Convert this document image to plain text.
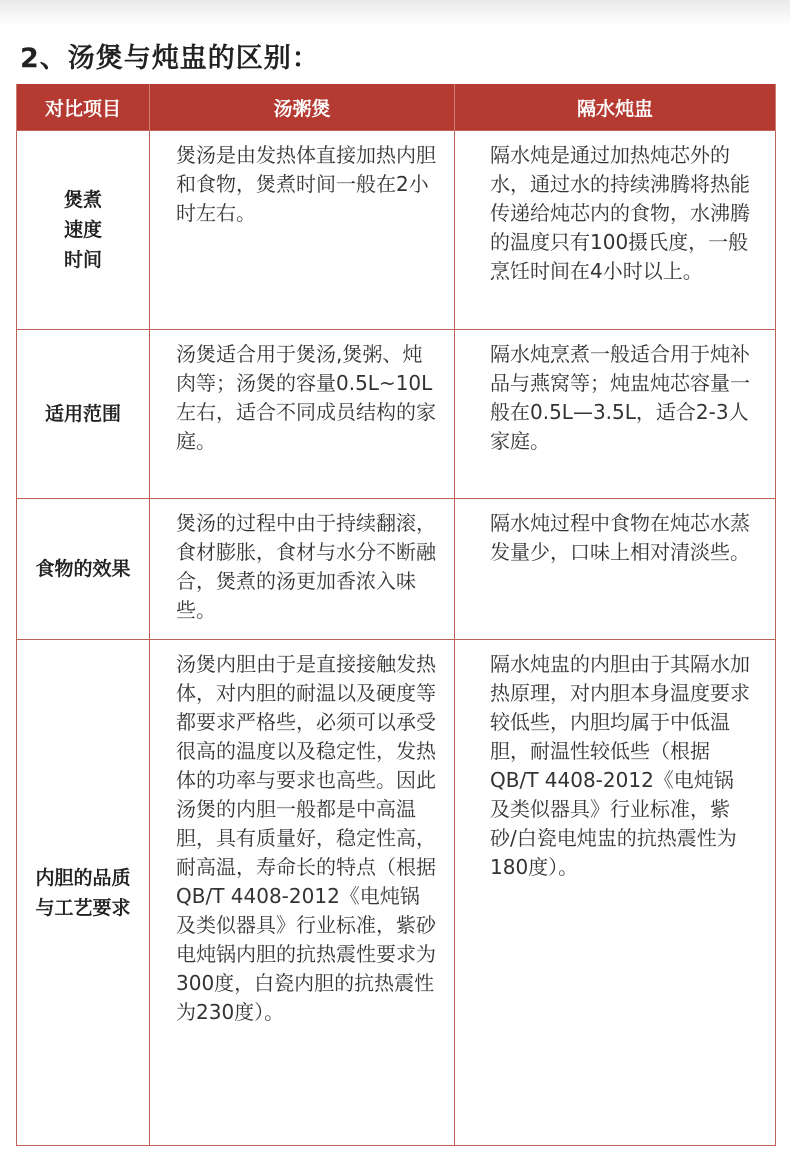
2、汤煲与炖盅的区别：
对比项目	汤粥煲	隔水炖盅

煲煮
速度
时间	煲汤是由发热体直接加热内胆和食物，煲煮时间一般在2小时左右。	隔水炖是通过加热炖芯外的水，通过水的持续沸腾将热能传递给炖芯内的食物，水沸腾的温度只有100摄氏度，一般烹饪时间在4小时以上。

适用范围	汤煲适合用于煲汤,煲粥、炖肉等；汤煲的容量0.5L~10L左右，适合不同成员结构的家庭。	隔水炖烹煮一般适合用于炖补品与燕窝等；炖盅炖芯容量一般在0.5L—3.5L，适合2-3人家庭。

食物的效果	煲汤的过程中由于持续翻滚，食材膨胀，食材与水分不断融合，煲煮的汤更加香浓入味些。	隔水炖过程中食物在炖芯水蒸发量少，口味上相对清淡些。

内胆的品质
与工艺要求	汤煲内胆由于是直接接触发热体，对内胆的耐温以及硬度等都要求严格些，必须可以承受很高的温度以及稳定性，发热体的功率与要求也高些。因此汤煲的内胆一般都是中高温胆，具有质量好，稳定性高，耐高温，寿命长的特点（根据QB/T 4408-2012《电炖锅及类似器具》行业标准，紫砂电炖锅内胆的抗热震性要求为300度，白瓷内胆的抗热震性为230度）。	隔水炖盅的内胆由于其隔水加热原理，对内胆本身温度要求较低些，内胆均属于中低温胆，耐温性较低些（根据QB/T 4408-2012《电炖锅及类似器具》行业标准，紫砂/白瓷电炖盅的抗热震性为180度）。
